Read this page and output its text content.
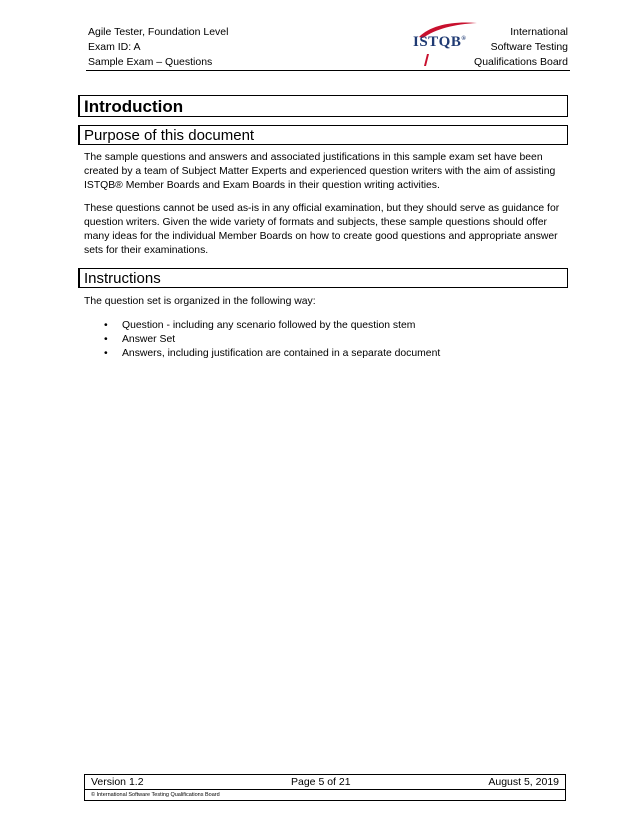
Agile Tester, Foundation Level
Exam ID: A
Sample Exam – Questions
ISTQB®
International
Software Testing
Qualifications Board
Introduction
Purpose of this document
The sample questions and answers and associated justifications in this sample exam set have been created by a team of Subject Matter Experts and experienced question writers with the aim of assisting ISTQB® Member Boards and Exam Boards in their question writing activities.
These questions cannot be used as-is in any official examination, but they should serve as guidance for question writers. Given the wide variety of formats and subjects, these sample questions should offer many ideas for the individual Member Boards on how to create good questions and appropriate answer sets for their examinations.
Instructions
The question set is organized in the following way:
• Question - including any scenario followed by the question stem
• Answer Set
• Answers, including justification are contained in a separate document
Version 1.2	Page 5 of 21	August 5, 2019
© International Software Testing Qualifications Board
